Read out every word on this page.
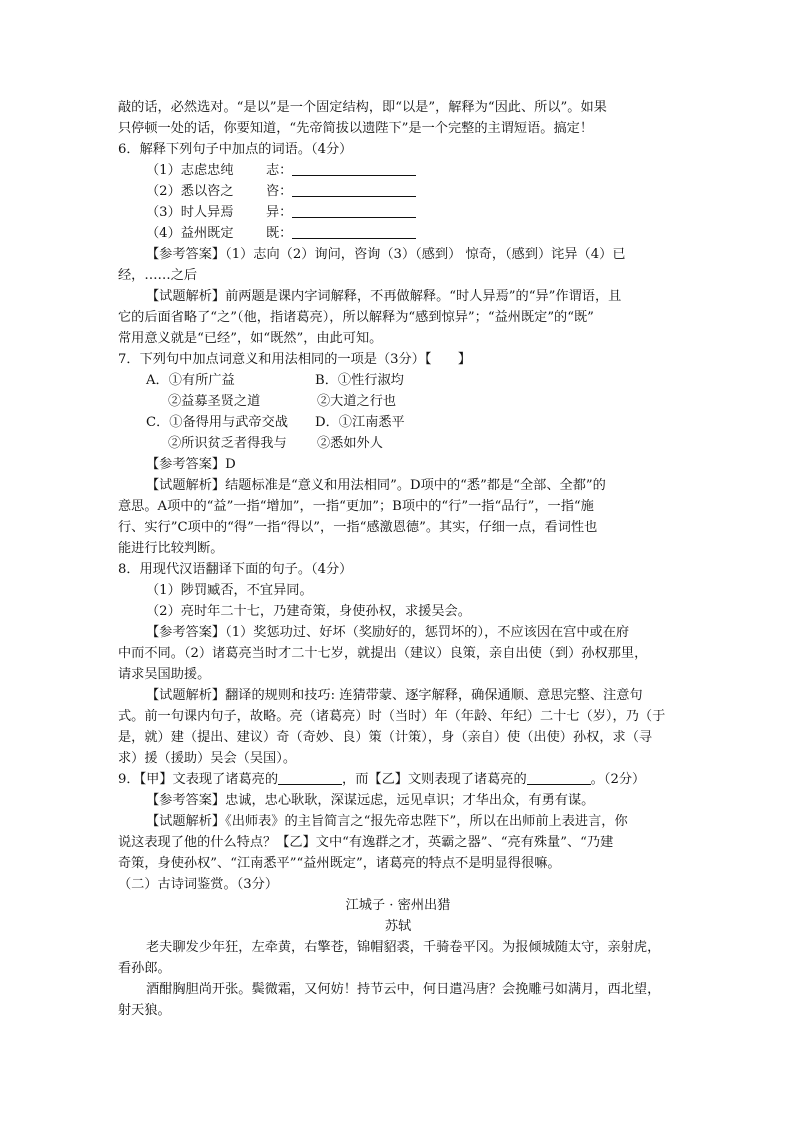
敲的话，必然选对。“是以”是一个固定结构，即“以是”，解释为“因此、所以”。如果
只停顿一处的话，你要知道，“先帝简拔以遗陛下”是一个完整的主谓短语。搞定！
6．解释下列句子中加点的词语。（4分）
（1）志虑忠纯 志：
（2）悉以咨之 咨：
（3）时人异焉 异：
（4）益州既定 既：
【参考答案】（1）志向（2）询问，咨询（3）（感到） 惊奇，（感到）诧异（4）已
经，……之后
【试题解析】前两题是课内字词解释，不再做解释。“时人异焉”的“异”作谓语，且
它的后面省略了“之”（他，指诸葛亮），所以解释为“感到惊异”；“益州既定”的“既”
常用意义就是“已经”，如“既然”，由此可知。
7．下列句中加点词意义和用法相同的一项是（3分）【　　】
A．①有所广益	B．①性行淑均
②益募圣贤之道	②大道之行也
C．①备得用与武帝交战 D．①江南悉平
②所识贫乏者得我与 ②悉如外人
【参考答案】D
【试题解析】结题标准是“意义和用法相同”。D项中的“悉”都是“全部、全都”的
意思。A项中的“益”一指“增加”，一指“更加”；B项中的“行”一指“品行”，一指“施
行、实行”C项中的“得”一指“得以”，一指“感激恩德”。其实，仔细一点，看词性也
能进行比较判断。
8．用现代汉语翻译下面的句子。（4分）
（1）陟罚臧否，不宜异同。
（2）亮时年二十七，乃建奇策，身使孙权，求援吴会。
【参考答案】（1）奖惩功过、好坏（奖励好的，惩罚坏的），不应该因在宫中或在府
中而不同。（2）诸葛亮当时才二十七岁，就提出（建议）良策，亲自出使（到）孙权那里，
请求吴国助援。
【试题解析】翻译的规则和技巧: 连猜带蒙、逐字解释，确保通顺、意思完整、注意句
式。前一句课内句子，故略。亮（诸葛亮）时（当时）年（年龄、年纪）二十七（岁），乃（于
是，就）建（提出、建议）奇（奇妙、良）策（计策），身（亲自）使（出使）孙权，求（寻
求）援（援助）吴会（吴国）。
9．【甲】文表现了诸葛亮的	，而【乙】文则表现了诸葛亮的	。（2分）
【参考答案】忠诚，忠心耿耿，深谋远虑，远见卓识；才华出众，有勇有谋。
【试题解析】《出师表》的主旨简言之“报先帝忠陛下”，所以在出师前上表进言，你
说这表现了他的什么特点？【乙】文中“有逸群之才，英霸之器”、“亮有殊量”、“乃建
奇策，身使孙权”、“江南悉平”“益州既定”，诸葛亮的特点不是明显得很嘛。
（二）古诗词鉴赏。（3分）
江城子 · 密州出猎
苏轼
老夫聊发少年狂，左牵黄，右擎苍，锦帽貂裘，千骑卷平冈。为报倾城随太守，亲射虎，
看孙郎。
酒酣胸胆尚开张。鬓微霜，又何妨！持节云中，何日遣冯唐？会挽雕弓如满月，西北望，
射天狼。
